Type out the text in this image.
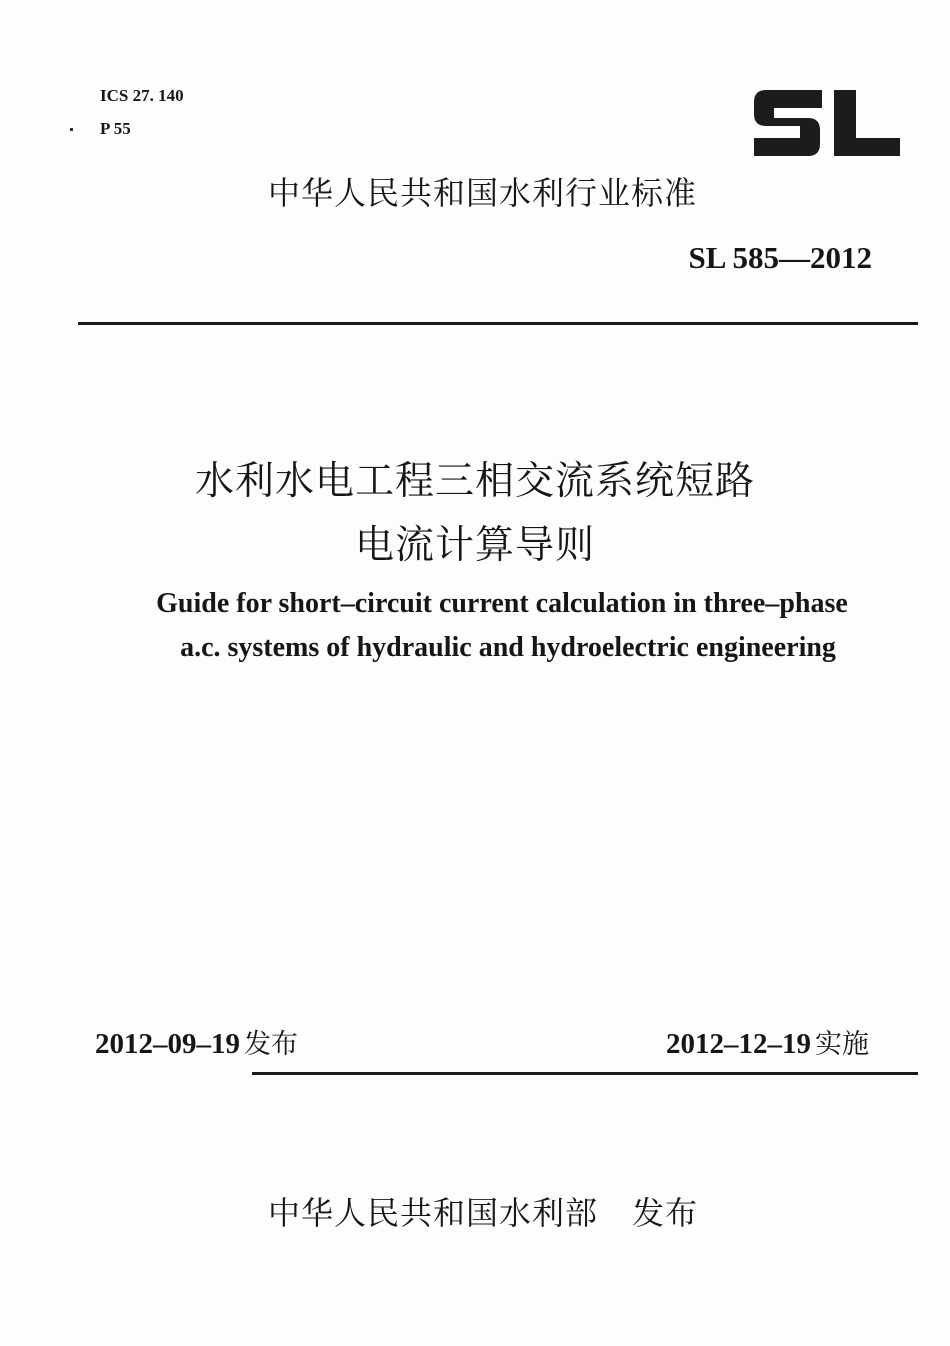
ICS 27. 140
P 55
中华人民共和国水利行业标准
SL 585—2012
水利水电工程三相交流系统短路
电流计算导则
Guide for short–circuit current calculation in three–phase
a.c. systems of hydraulic and hydroelectric engineering
2012–09–19 发布	2012–12–19 实施
中华人民共和国水利部 发布
